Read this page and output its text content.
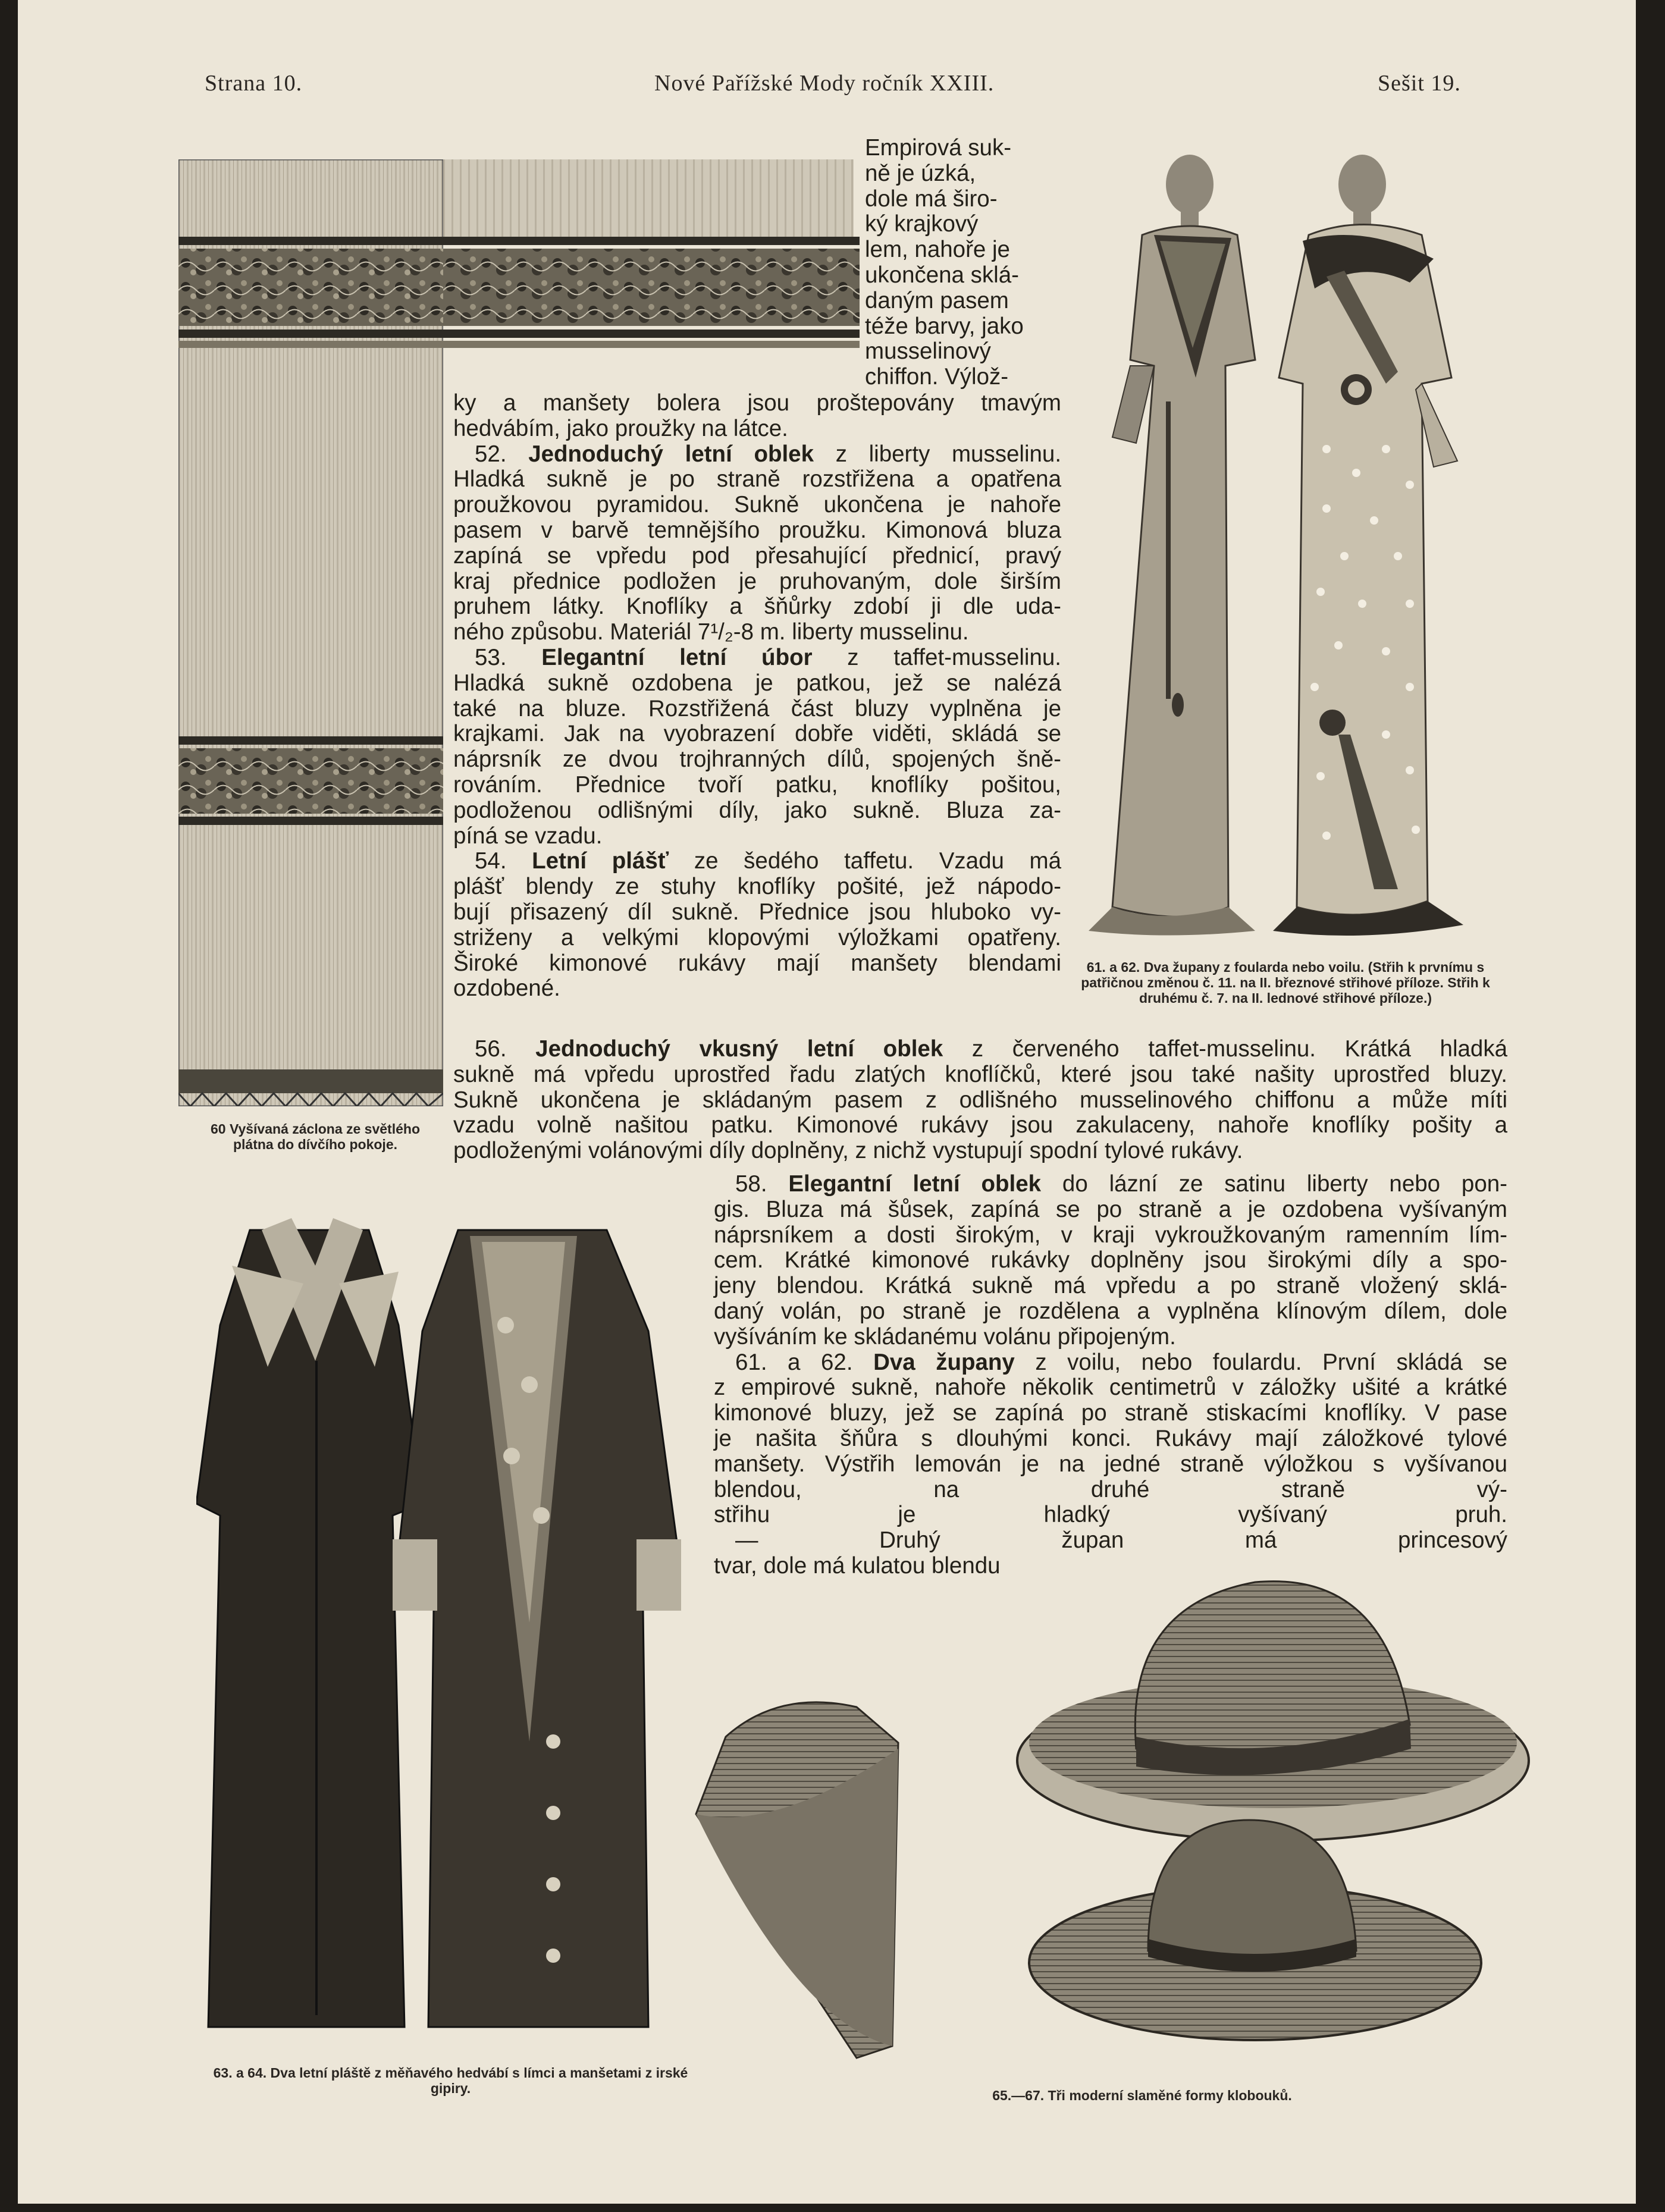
Strana 10.	Nové Pařížské Mody ročník XXIII.	Sešit 19.

Empirová suk-

ně je úzká,

dole má širo-

ký krajkový

lem, nahoře je

ukončena sklá-

daným pasem

téže barvy, jako

musselinový

chiffon. Výlož-

ky a manšety bolera jsou proštepovány tmavým

hedvábím, jako proužky na látce.

52. Jednoduchý letní oblek z liberty musselinu.

Hladká sukně je po straně rozstřižena a opatřena

proužkovou pyramidou. Sukně ukončena je nahoře

pasem v barvě temnějšího proužku. Kimonová bluza

zapíná se vpředu pod přesahující přednicí, pravý

kraj přednice podložen je pruhovaným, dole širším

pruhem látky. Knoflíky a šňůrky zdobí ji dle uda-

ného způsobu. Materiál 7¹/₂-8 m. liberty musselinu.

53. Elegantní letní úbor z taffet-musselinu.

Hladká sukně ozdobena je patkou, jež se nalézá

také na bluze. Rozstřižená část bluzy vyplněna je

krajkami. Jak na vyobrazení dobře viděti, skládá se

náprsník ze dvou trojhranných dílů, spojených šně-

rováním. Přednice tvoří patku, knoflíky pošitou,

podloženou odlišnými díly, jako sukně. Bluza za-

píná se vzadu.

54. Letní plášť ze šedého taffetu. Vzadu má

plášť blendy ze stuhy knoflíky pošité, jež nápodo-

bují přisazený díl sukně. Přednice jsou hluboko vy-

striženy a velkými klopovými výložkami opatřeny.

Široké kimonové rukávy mají manšety blendami

ozdobené.

61. a 62. Dva župany z foularda nebo voilu. (Střih k prvnímu s patřičnou změnou č. 11. na II. březnové střihové příloze. Střih k druhému č. 7. na II. lednové střihové příloze.)
60 Vyšívaná záclona ze světlého plátna do dívčího pokoje.

56. Jednoduchý vkusný letní oblek z červeného taffet-musselinu. Krátká hladká

sukně má vpředu uprostřed řadu zlatých knoflíčků, které jsou také našity uprostřed bluzy.

Sukně ukončena je skládaným pasem z odlišného musselinového chiffonu a může míti

vzadu volně našitou patku. Kimonové rukávy jsou zakulaceny, nahoře knoflíky pošity a

podloženými volánovými díly doplněny, z nichž vystupují spodní tylové rukávy.

58. Elegantní letní oblek do lázní ze satinu liberty nebo pon-

gis. Bluza má šůsek, zapíná se po straně a je ozdobena vyšívaným

náprsníkem a dosti širokým, v kraji vykroužkovaným ramenním lím-

cem. Krátké kimonové rukávky doplněny jsou širokými díly a spo-

jeny blendou. Krátká sukně má vpředu a po straně vložený sklá-

daný volán, po straně je rozdělena a vyplněna klínovým dílem, dole

vyšíváním ke skládanému volánu připojeným.

61. a 62. Dva župany z voilu, nebo foulardu. První skládá se

z empirové sukně, nahoře několik centimetrů v záložky ušité a krátké

kimonové bluzy, jež se zapíná po straně stiskacími knoflíky. V pase

je našita šňůra s dlouhými konci. Rukávy mají záložkové tylové

manšety. Výstřih lemován je na jedné straně výložkou s vyšívanou

blendou, na druhé straně vý-

střihu je hladký vyšívaný pruh.

— Druhý župan má princesový

tvar, dole má kulatou blendu

63. a 64. Dva letní pláště z měňavého hedvábí s límci a manšetami z irské gipiry.	65.—67. Tři moderní slaměné formy klobouků.
